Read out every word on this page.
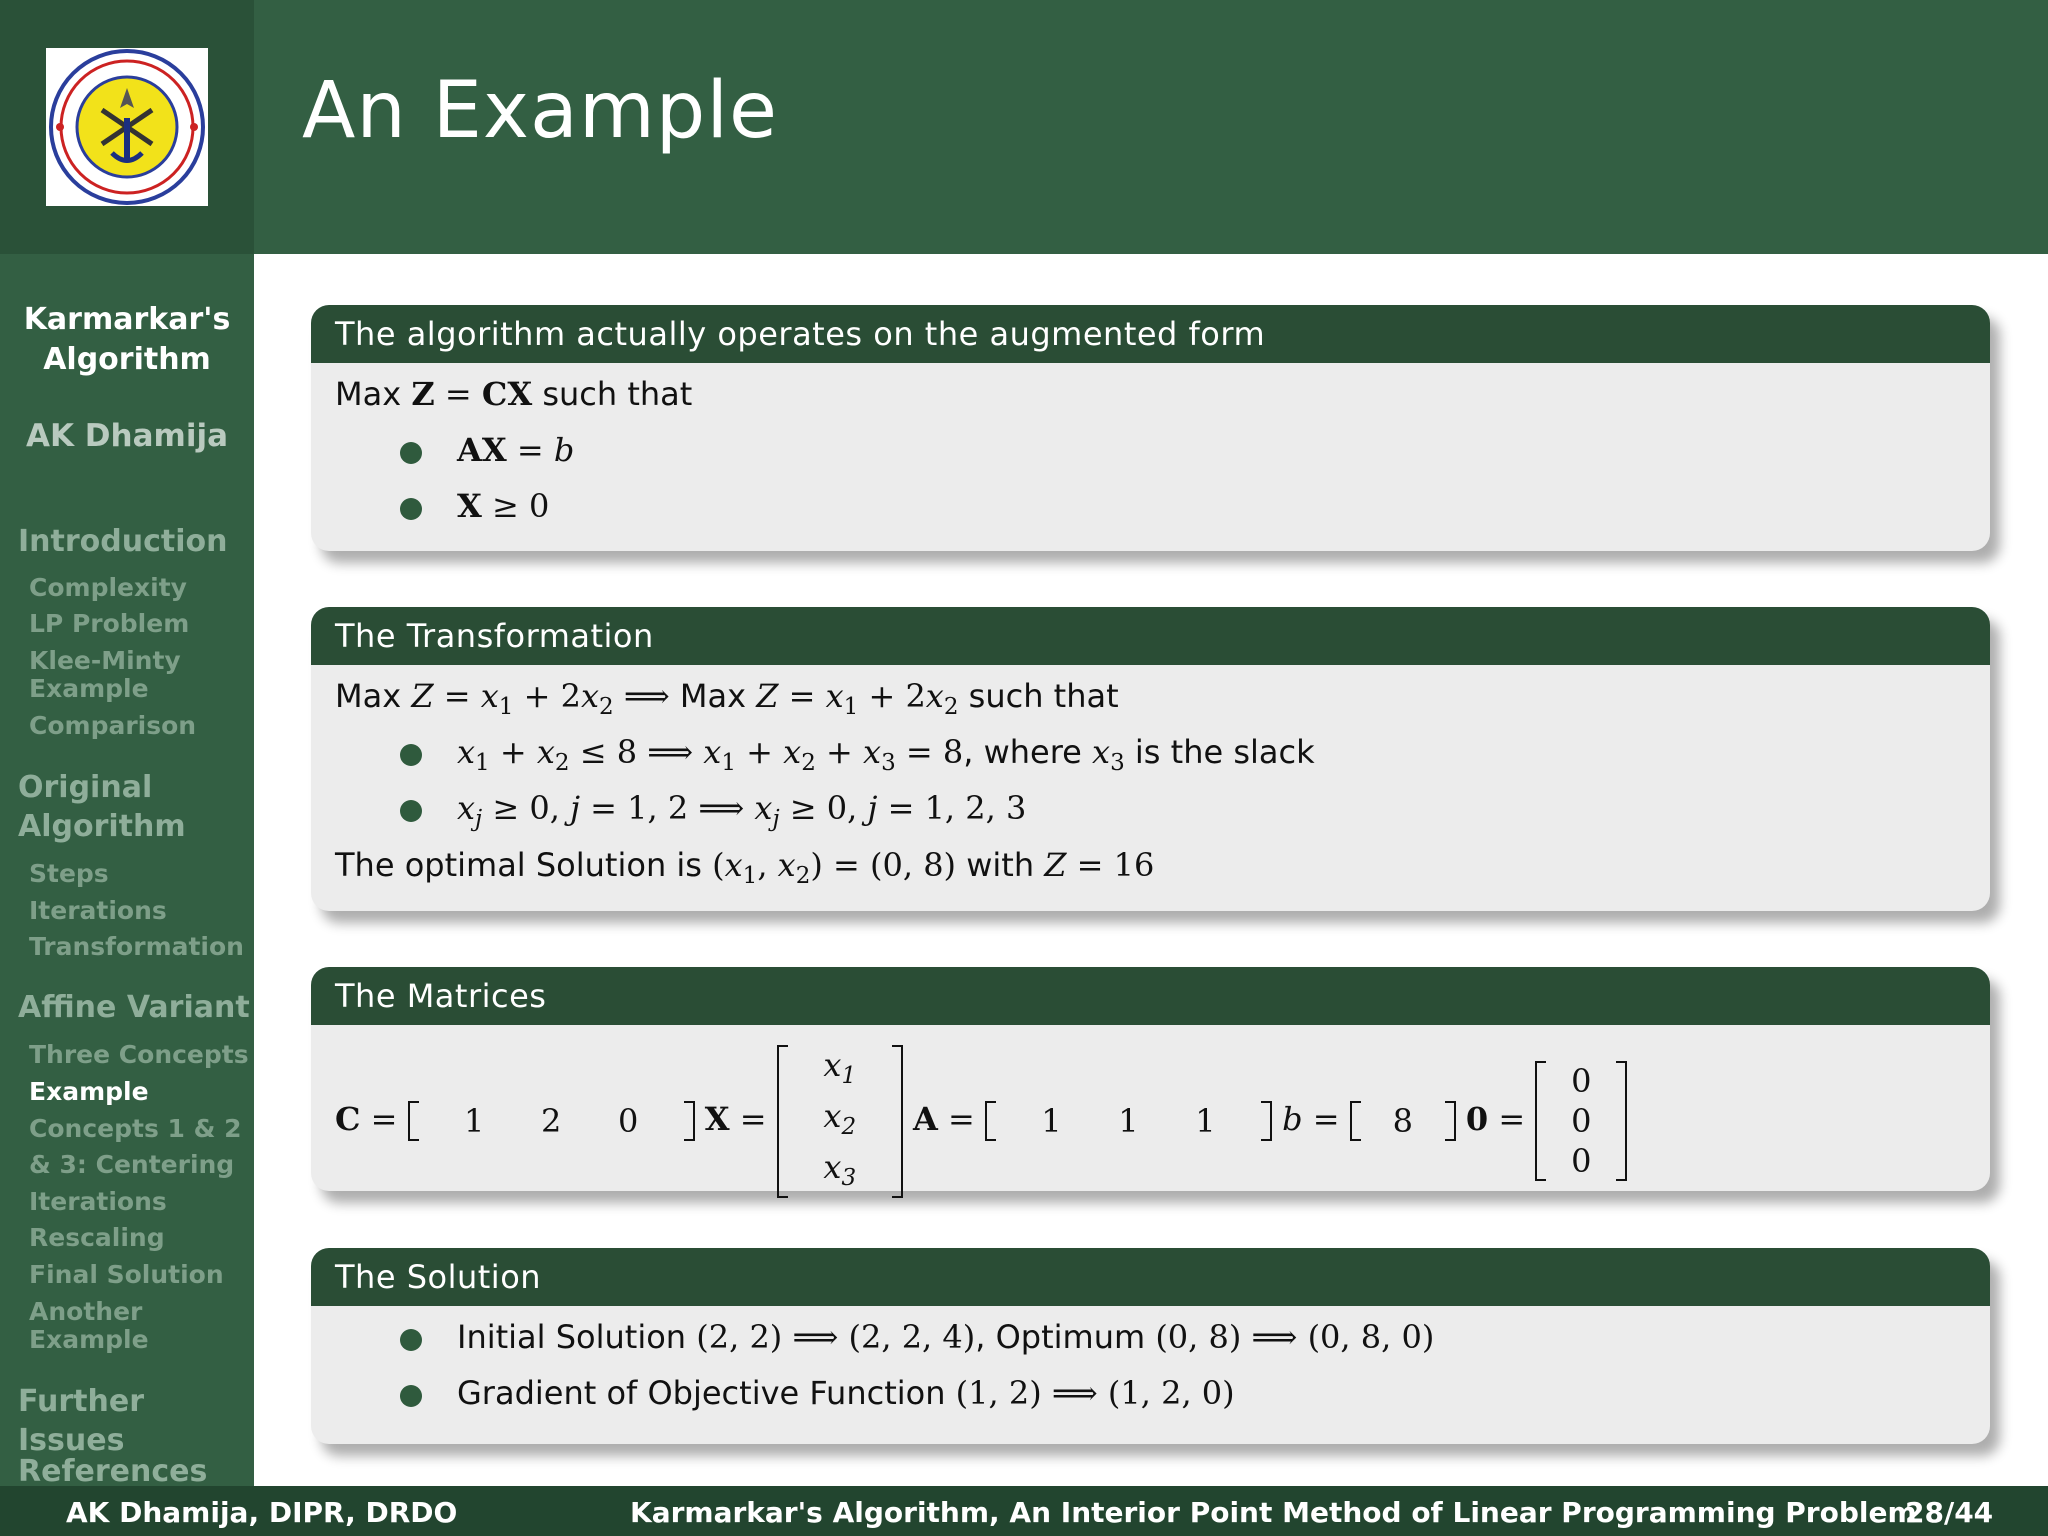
An Example
Karmarkar's
Algorithm
AK Dhamija
Introduction
Complexity
LP Problem
Klee-Minty
Example
Comparison
Original
Algorithm
Steps
Iterations
Transformation
Affine Variant
Three Concepts
Example
Concepts 1 & 2
& 3: Centering
Iterations
Rescaling
Final Solution
Another
Example
Further Issues
References
The algorithm actually operates on the augmented form
Max Z = CX such that
AX = b
X ≥ 0
The Transformation
Max $Z = x_1 + 2x_2$ ⟹ Max $Z = x_1 + 2x_2$ such that
$x_1 + x_2 \le 8$ ⟹ $x_1 + x_2 + x_3 = 8$, where $x_3$ is the slack
$x_j \ge 0$, j = 1, 2 ⟹ $x_j \ge 0$, j = 1, 2, 3
The optimal Solution is ($x_1$, $x_2) = (0$, 8) with Z = 16
The Matrices
C = 1 2 0 X =
$x_1$
$x_2$
$x_3$
A = 1 1 1 b = 8 0 =
0
0
0
The Solution
Initial Solution (2, 2) ⟹ (2, 2, 4), Optimum (0, 8) ⟹ (0, 8, 0)
Gradient of Objective Function (1, 2) ⟹ (1, 2, 0)
AK Dhamija, DIPR, DRDO	Karmarkar's Algorithm, An Interior Point Method of Linear Programming Problem
28/44
